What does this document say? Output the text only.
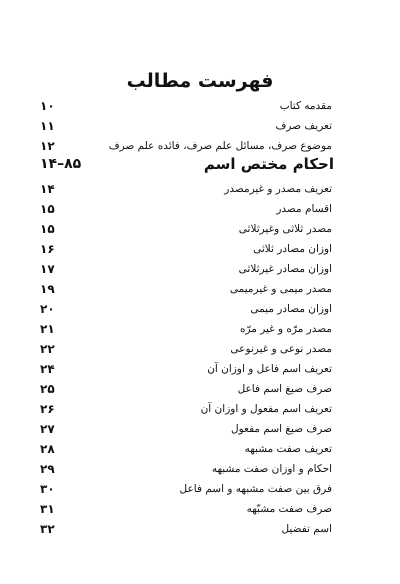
فهرست مطالب
مقدمه کتاب
۱۰
تعریف صرف
۱۱
موضوع صرف، مسائل علم صرف، فائده علم صرف
۱۲
احکام مختص اسم
۱۴–۸۵
تعریف مصدر و غیرمصدر
۱۴
اقسام مصدر
۱۵
مصدر ثلاثی وغیرثلاثی
۱۵
اوزان مصادر ثلاثی
۱۶
اوزان مصادر غیرثلاثی
۱۷
مصدر میمی و غیرمیمی
۱۹
اوزان مصادر میمی
۲۰
مصدر مرّه و غیر مرّه
۲۱
مصدر نوعی و غیرنوعی
۲۲
تعریف اسم فاعل و اوزان آن
۲۴
صرف صیغ اسم فاعل
۲۵
تعریف اسم مفعول و اوزان آن
۲۶
صرف صیغ اسم مفعول
۲۷
تعریف صفت مشبهه
۲۸
احکام و اوزان صفت مشبهه
۲۹
فرق بین صفت مشبهه و اسم فاعل
۳۰
صرف صفت مشبّهه
۳۱
اسم تفضیل
۳۲
